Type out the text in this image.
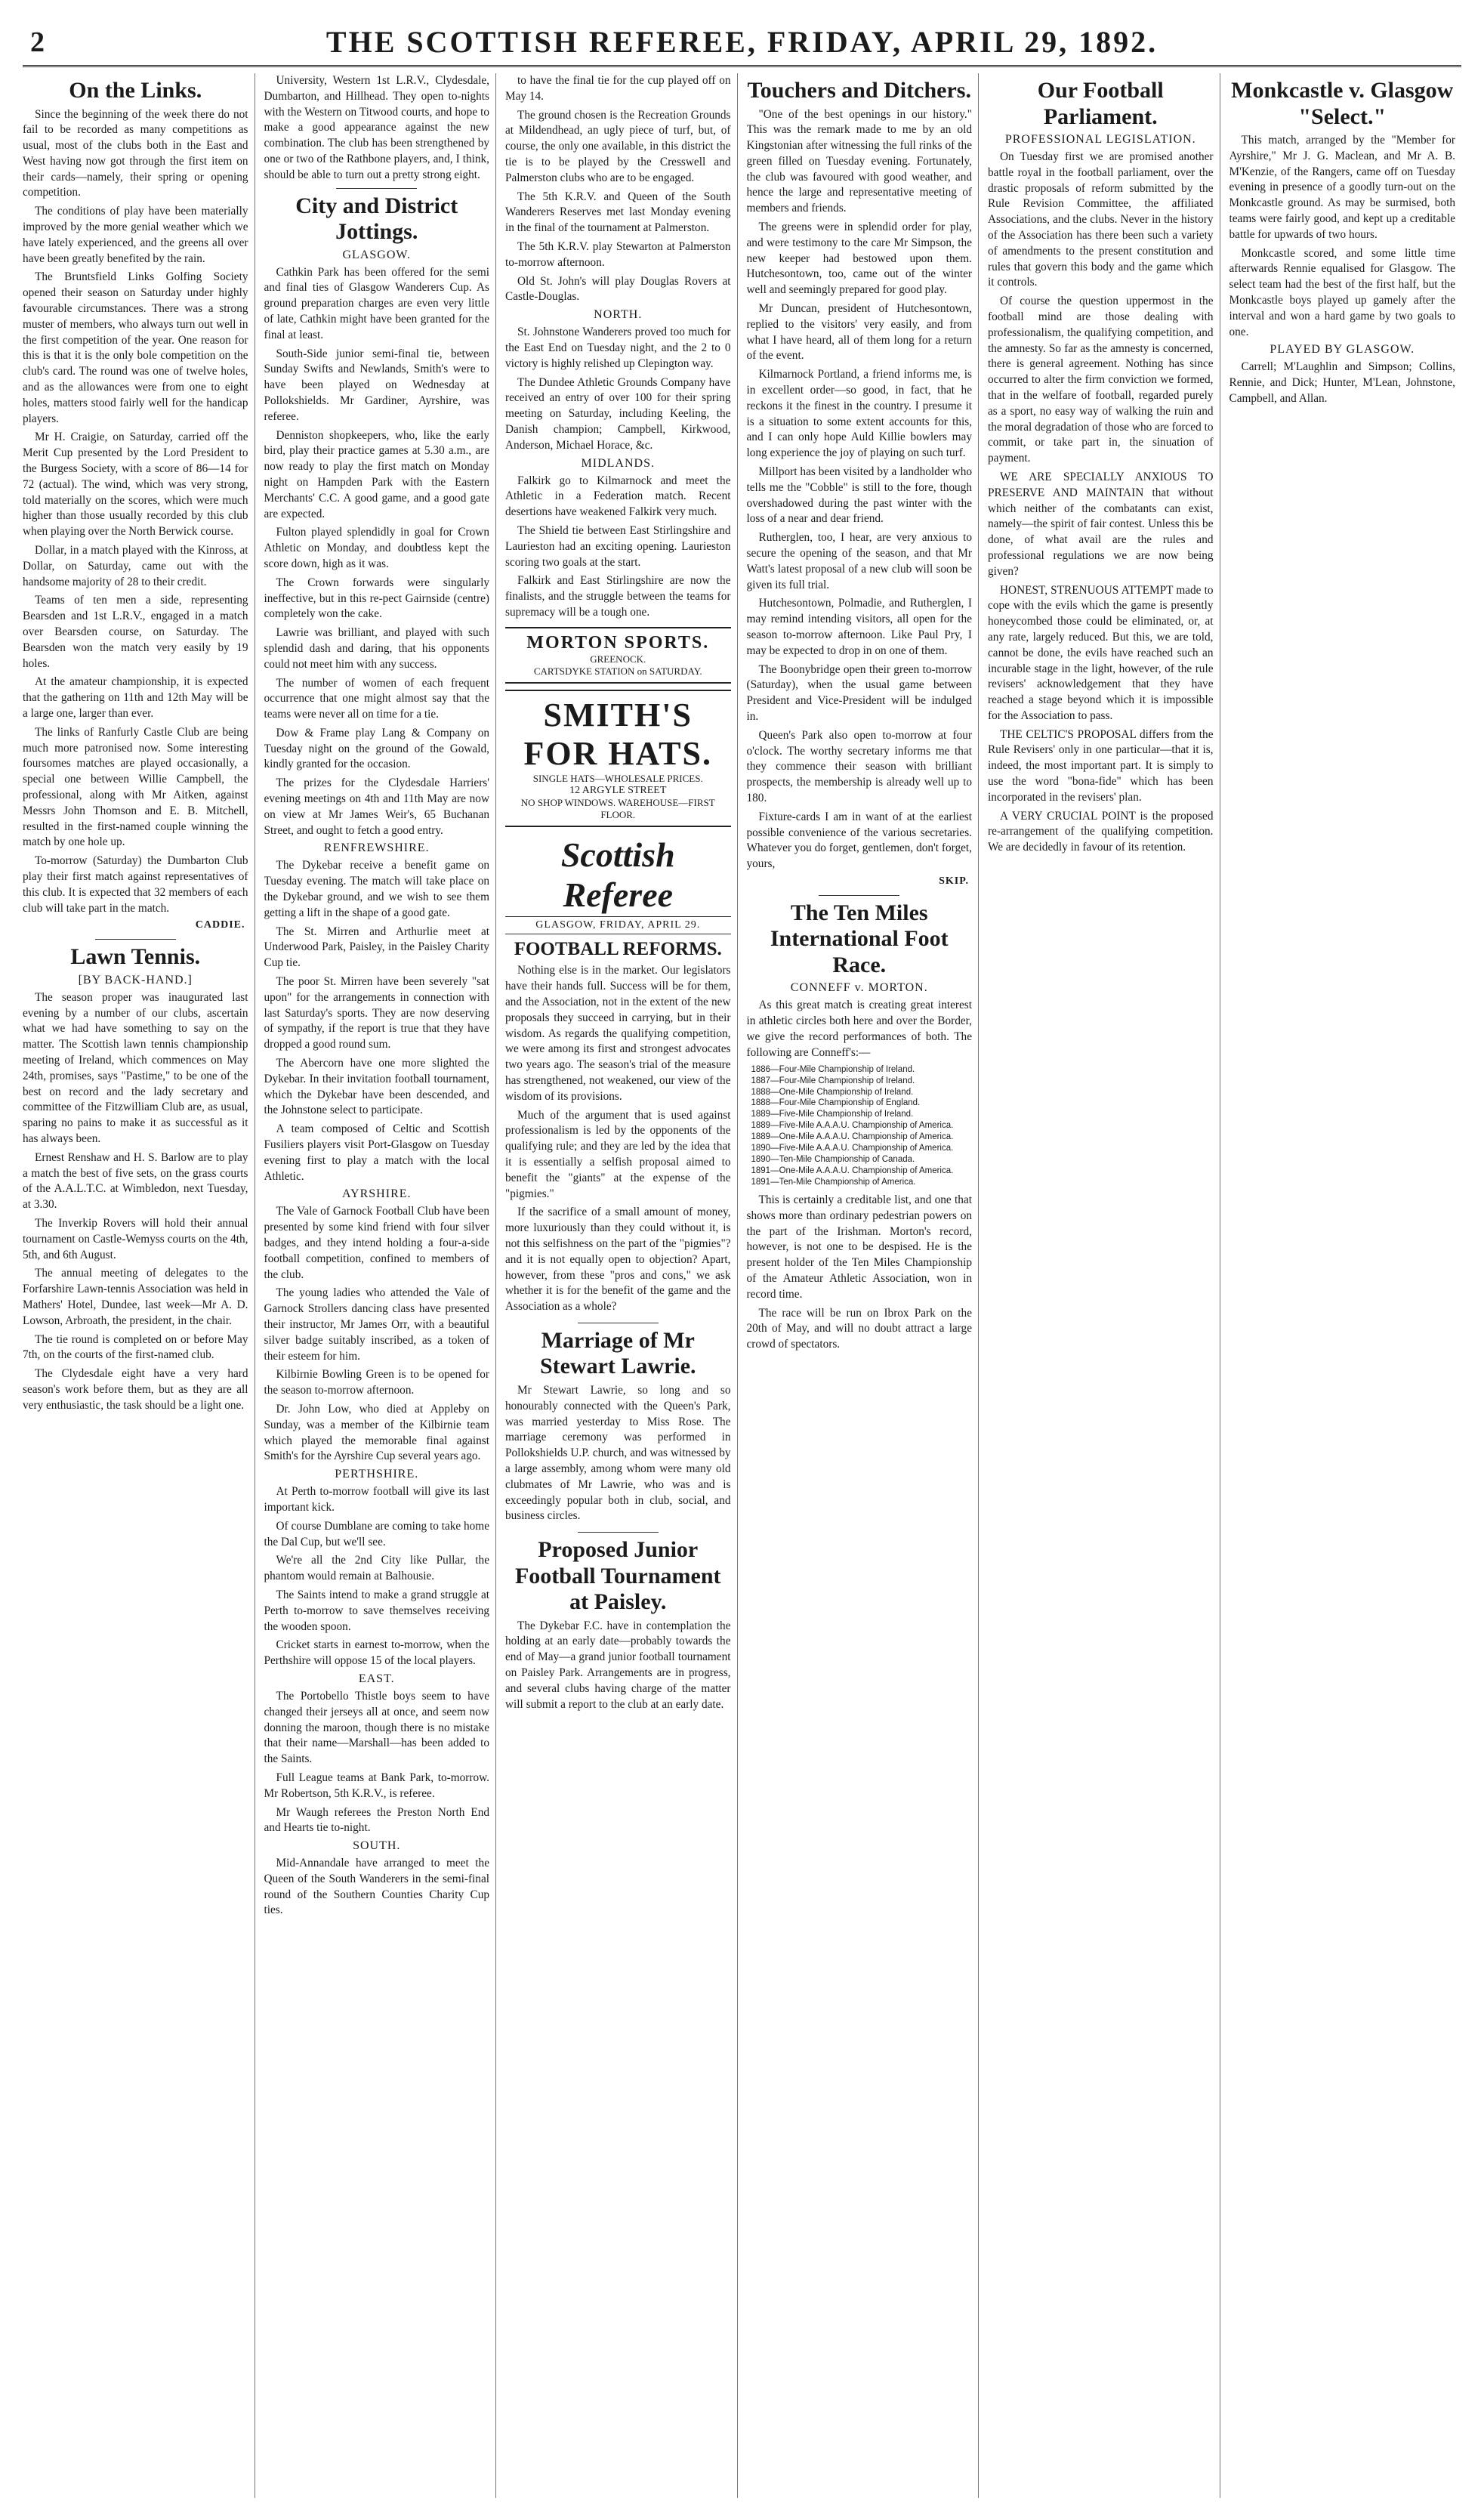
2	THE SCOTTISH REFEREE, FRIDAY, APRIL 29, 1892.
On the Links.

Since the beginning of the week there do not fail to be recorded as many competitions as usual, most of the clubs both in the East and West having now got through the first item on their cards—namely, their spring or opening competition.

The conditions of play have been materially improved by the more genial weather which we have lately experienced, and the greens all over have been greatly benefited by the rain.

The Bruntsfield Links Golfing Society opened their season on Saturday under highly favourable circumstances. There was a strong muster of members, who always turn out well in the first competition of the year. One reason for this is that it is the only bole competition on the club's card. The round was one of twelve holes, and as the allowances were from one to eight holes, matters stood fairly well for the handicap players.

Mr H. Craigie, on Saturday, carried off the Merit Cup presented by the Lord President to the Burgess Society, with a score of 86—14 for 72 (actual). The wind, which was very strong, told materially on the scores, which were much higher than those usually recorded by this club when playing over the North Berwick course.

Dollar, in a match played with the Kinross, at Dollar, on Saturday, came out with the handsome majority of 28 to their credit.

Teams of ten men a side, representing Bearsden and 1st L.R.V., engaged in a match over Bearsden course, on Saturday. The Bearsden won the match very easily by 19 holes.

At the amateur championship, it is expected that the gathering on 11th and 12th May will be a large one, larger than ever.

The links of Ranfurly Castle Club are being much more patronised now. Some interesting foursomes matches are played occasionally, a special one between Willie Campbell, the professional, along with Mr Aitken, against Messrs John Thomson and E. B. Mitchell, resulted in the first-named couple winning the match by one hole up.

To-morrow (Saturday) the Dumbarton Club play their first match against representatives of this club. It is expected that 32 members of each club will take part in the match.

CADDIE.
Lawn Tennis.
[BY BACK-HAND.]

The season proper was inaugurated last evening by a number of our clubs, ascertain what we had have something to say on the matter. The Scottish lawn tennis championship meeting of Ireland, which commences on May 24th, promises, says "Pastime," to be one of the best on record and the lady secretary and committee of the Fitzwilliam Club are, as usual, sparing no pains to make it as successful as it has always been.

Ernest Renshaw and H. S. Barlow are to play a match the best of five sets, on the grass courts of the A.A.L.T.C. at Wimbledon, next Tuesday, at 3.30.

The Inverkip Rovers will hold their annual tournament on Castle-Wemyss courts on the 4th, 5th, and 6th August.

The annual meeting of delegates to the Forfarshire Lawn-tennis Association was held in Mathers' Hotel, Dundee, last week—Mr A. D. Lowson, Arbroath, the president, in the chair.

The tie round is completed on or before May 7th, on the courts of the first-named club.

The Clydesdale eight have a very hard season's work before them, but as they are all very enthusiastic, the task should be a light one.

University, Western 1st L.R.V., Clydesdale, Dumbarton, and Hillhead. They open to-nights with the Western on Titwood courts, and hope to make a good appearance against the new combination. The club has been strengthened by one or two of the Rathbone players, and, I think, should be able to turn out a pretty strong eight.

City and District Jottings.
GLASGOW.

Cathkin Park has been offered for the semi and final ties of Glasgow Wanderers Cup. As ground preparation charges are even very little of late, Cathkin might have been granted for the final at least.

South-Side junior semi-final tie, between Sunday Swifts and Newlands, Smith's were to have been played on Wednesday at Pollokshields. Mr Gardiner, Ayrshire, was referee.

Denniston shopkeepers, who, like the early bird, play their practice games at 5.30 a.m., are now ready to play the first match on Monday night on Hampden Park with the Eastern Merchants' C.C. A good game, and a good gate are expected.

Fulton played splendidly in goal for Crown Athletic on Monday, and doubtless kept the score down, high as it was.

The Crown forwards were singularly ineffective, but in this re-pect Gairnside (centre) completely won the cake.

Lawrie was brilliant, and played with such splendid dash and daring, that his opponents could not meet him with any success.

The number of women of each frequent occurrence that one might almost say that the teams were never all on time for a tie.

Dow & Frame play Lang & Company on Tuesday night on the ground of the Gowald, kindly granted for the occasion.

The prizes for the Clydesdale Harriers' evening meetings on 4th and 11th May are now on view at Mr James Weir's, 65 Buchanan Street, and ought to fetch a good entry.

RENFREWSHIRE.

The Dykebar receive a benefit game on Tuesday evening. The match will take place on the Dykebar ground, and we wish to see them getting a lift in the shape of a good gate.

The St. Mirren and Arthurlie meet at Underwood Park, Paisley, in the Paisley Charity Cup tie.

The poor St. Mirren have been severely "sat upon" for the arrangements in connection with last Saturday's sports. They are now deserving of sympathy, if the report is true that they have dropped a good round sum.

The Abercorn have one more slighted the Dykebar. In their invitation football tournament, which the Dykebar have been descended, and the Johnstone select to participate.

A team composed of Celtic and Scottish Fusiliers players visit Port-Glasgow on Tuesday evening first to play a match with the local Athletic.

AYRSHIRE.

The Vale of Garnock Football Club have been presented by some kind friend with four silver badges, and they intend holding a four-a-side football competition, confined to members of the club.

The young ladies who attended the Vale of Garnock Strollers dancing class have presented their instructor, Mr James Orr, with a beautiful silver badge suitably inscribed, as a token of their esteem for him.

Kilbirnie Bowling Green is to be opened for the season to-morrow afternoon.

Dr. John Low, who died at Appleby on Sunday, was a member of the Kilbirnie team which played the memorable final against Smith's for the Ayrshire Cup several years ago.

PERTHSHIRE.

At Perth to-morrow football will give its last important kick.

Of course Dumblane are coming to take home the Dal Cup, but we'll see.

We're all the 2nd City like Pullar, the phantom would remain at Balhousie.

The Saints intend to make a grand struggle at Perth to-morrow to save themselves receiving the wooden spoon.

Cricket starts in earnest to-morrow, when the Perthshire will oppose 15 of the local players.

EAST.

The Portobello Thistle boys seem to have changed their jerseys all at once, and seem now donning the maroon, though there is no mistake that their name—Marshall—has been added to the Saints.

Full League teams at Bank Park, to-morrow. Mr Robertson, 5th K.R.V., is referee.

Mr Waugh referees the Preston North End and Hearts tie to-night.

SOUTH.

Mid-Annandale have arranged to meet the Queen of the South Wanderers in the semi-final round of the Southern Counties Charity Cup ties.

to have the final tie for the cup played off on May 14.

The ground chosen is the Recreation Grounds at Mildendhead, an ugly piece of turf, but, of course, the only one available, in this district the tie is to be played by the Cresswell and Palmerston clubs who are to be engaged.

The 5th K.R.V. and Queen of the South Wanderers Reserves met last Monday evening in the final of the tournament at Palmerston.

The 5th K.R.V. play Stewarton at Palmerston to-morrow afternoon.

Old St. John's will play Douglas Rovers at Castle-Douglas.

NORTH.

St. Johnstone Wanderers proved too much for the East End on Tuesday night, and the 2 to 0 victory is highly relished up Clepington way.

The Dundee Athletic Grounds Company have received an entry of over 100 for their spring meeting on Saturday, including Keeling, the Danish champion; Campbell, Kirkwood, Anderson, Michael Horace, &c.

MIDLANDS.

Falkirk go to Kilmarnock and meet the Athletic in a Federation match. Recent desertions have weakened Falkirk very much.

The Shield tie between East Stirlingshire and Laurieston had an exciting opening. Laurieston scoring two goals at the start.

Falkirk and East Stirlingshire are now the finalists, and the struggle between the teams for supremacy will be a tough one.

MORTON SPORTS.
GREENOCK.
CARTSDYKE STATION on SATURDAY.
SMITH'S FOR HATS.
SINGLE HATS—WHOLESALE PRICES.
12 ARGYLE STREET
NO SHOP WINDOWS. WAREHOUSE—FIRST FLOOR.
Scottish Referee
GLASGOW, FRIDAY, APRIL 29.
FOOTBALL REFORMS.

Nothing else is in the market. Our legislators have their hands full. Success will be for them, and the Association, not in the extent of the new proposals they succeed in carrying, but in their wisdom. As regards the qualifying competition, we were among its first and strongest advocates two years ago. The season's trial of the measure has strengthened, not weakened, our view of the wisdom of its provisions.

Much of the argument that is used against professionalism is led by the opponents of the qualifying rule; and they are led by the idea that it is essentially a selfish proposal aimed to benefit the "giants" at the expense of the "pigmies."

If the sacrifice of a small amount of money, more luxuriously than they could without it, is not this selfishness on the part of the "pigmies"? and it is not equally open to objection? Apart, however, from these "pros and cons," we ask whether it is for the benefit of the game and the Association as a whole?

Marriage of Mr Stewart Lawrie.

Mr Stewart Lawrie, so long and so honourably connected with the Queen's Park, was married yesterday to Miss Rose. The marriage ceremony was performed in Pollokshields U.P. church, and was witnessed by a large assembly, among whom were many old clubmates of Mr Lawrie, who was and is exceedingly popular both in club, social, and business circles.

Proposed Junior Football Tournament at Paisley.

The Dykebar F.C. have in contemplation the holding at an early date—probably towards the end of May—a grand junior football tournament on Paisley Park. Arrangements are in progress, and several clubs having charge of the matter will submit a report to the club at an early date.

Touchers and Ditchers.

"One of the best openings in our history." This was the remark made to me by an old Kingstonian after witnessing the full rinks of the green filled on Tuesday evening. Fortunately, the club was favoured with good weather, and hence the large and representative meeting of members and friends.

The greens were in splendid order for play, and were testimony to the care Mr Simpson, the new keeper had bestowed upon them. Hutchesontown, too, came out of the winter well and seemingly prepared for good play.

Mr Duncan, president of Hutchesontown, replied to the visitors' very easily, and from what I have heard, all of them long for a return of the event.

Kilmarnock Portland, a friend informs me, is in excellent order—so good, in fact, that he reckons it the finest in the country. I presume it is a situation to some extent accounts for this, and I can only hope Auld Killie bowlers may long experience the joy of playing on such turf.

Millport has been visited by a landholder who tells me the "Cobble" is still to the fore, though overshadowed during the past winter with the loss of a near and dear friend.

Rutherglen, too, I hear, are very anxious to secure the opening of the season, and that Mr Watt's latest proposal of a new club will soon be given its full trial.

Hutchesontown, Polmadie, and Rutherglen, I may remind intending visitors, all open for the season to-morrow afternoon. Like Paul Pry, I may be expected to drop in on one of them.

The Boonybridge open their green to-morrow (Saturday), when the usual game between President and Vice-President will be indulged in.

Queen's Park also open to-morrow at four o'clock. The worthy secretary informs me that they commence their season with brilliant prospects, the membership is already well up to 180.

Fixture-cards I am in want of at the earliest possible convenience of the various secretaries. Whatever you do forget, gentlemen, don't forget, yours,

SKIP.
The Ten Miles International Foot Race.
CONNEFF v. MORTON.

As this great match is creating great interest in athletic circles both here and over the Border, we give the record performances of both. The following are Conneff's:—

1886—Four-Mile Championship of Ireland.
1887—Four-Mile Championship of Ireland.
1888—One-Mile Championship of Ireland.
1888—Four-Mile Championship of England.
1889—Five-Mile Championship of Ireland.
1889—Five-Mile A.A.A.U. Championship of America.
1889—One-Mile A.A.A.U. Championship of America.
1890—Five-Mile A.A.A.U. Championship of America.
1890—Ten-Mile Championship of Canada.
1891—One-Mile A.A.A.U. Championship of America.
1891—Ten-Mile Championship of America.

This is certainly a creditable list, and one that shows more than ordinary pedestrian powers on the part of the Irishman. Morton's record, however, is not one to be despised. He is the present holder of the Ten Miles Championship of the Amateur Athletic Association, won in record time.

The race will be run on Ibrox Park on the 20th of May, and will no doubt attract a large crowd of spectators.

Our Football Parliament.
PROFESSIONAL LEGISLATION.

On Tuesday first we are promised another battle royal in the football parliament, over the drastic proposals of reform submitted by the Rule Revision Committee, the affiliated Associations, and the clubs. Never in the history of the Association has there been such a variety of amendments to the present constitution and rules that govern this body and the game which it controls.

Of course the question uppermost in the football mind are those dealing with professionalism, the qualifying competition, and the amnesty. So far as the amnesty is concerned, there is general agreement. Nothing has since occurred to alter the firm conviction we formed, that in the welfare of football, regarded purely as a sport, no easy way of walking the ruin and the moral degradation of those who are forced to commit, or take part in, the sinuation of payment.

WE ARE SPECIALLY ANXIOUS TO PRESERVE AND MAINTAIN that without which neither of the combatants can exist, namely—the spirit of fair contest. Unless this be done, of what avail are the rules and professional regulations we are now being given?

HONEST, STRENUOUS ATTEMPT made to cope with the evils which the game is presently honeycombed those could be eliminated, or, at any rate, largely reduced. But this, we are told, cannot be done, the evils have reached such an incurable stage in the light, however, of the rule revisers' acknowledgement that they have reached a stage beyond which it is impossible for the Association to pass.

THE CELTIC'S PROPOSAL differs from the Rule Revisers' only in one particular—that it is, indeed, the most important part. It is simply to use the word "bona-fide" which has been incorporated in the revisers' plan.

A VERY CRUCIAL POINT is the proposed re-arrangement of the qualifying competition. We are decidedly in favour of its retention.

Monkcastle v. Glasgow "Select."

This match, arranged by the "Member for Ayrshire," Mr J. G. Maclean, and Mr A. B. M'Kenzie, of the Rangers, came off on Tuesday evening in presence of a goodly turn-out on the Monkcastle ground. As may be surmised, both teams were fairly good, and kept up a creditable battle for upwards of two hours.

Monkcastle scored, and some little time afterwards Rennie equalised for Glasgow. The select team had the best of the first half, but the Monkcastle boys played up gamely after the interval and won a hard game by two goals to one.

PLAYED BY GLASGOW.

Carrell; M'Laughlin and Simpson; Collins, Rennie, and Dick; Hunter, M'Lean, Johnstone, Campbell, and Allan.
